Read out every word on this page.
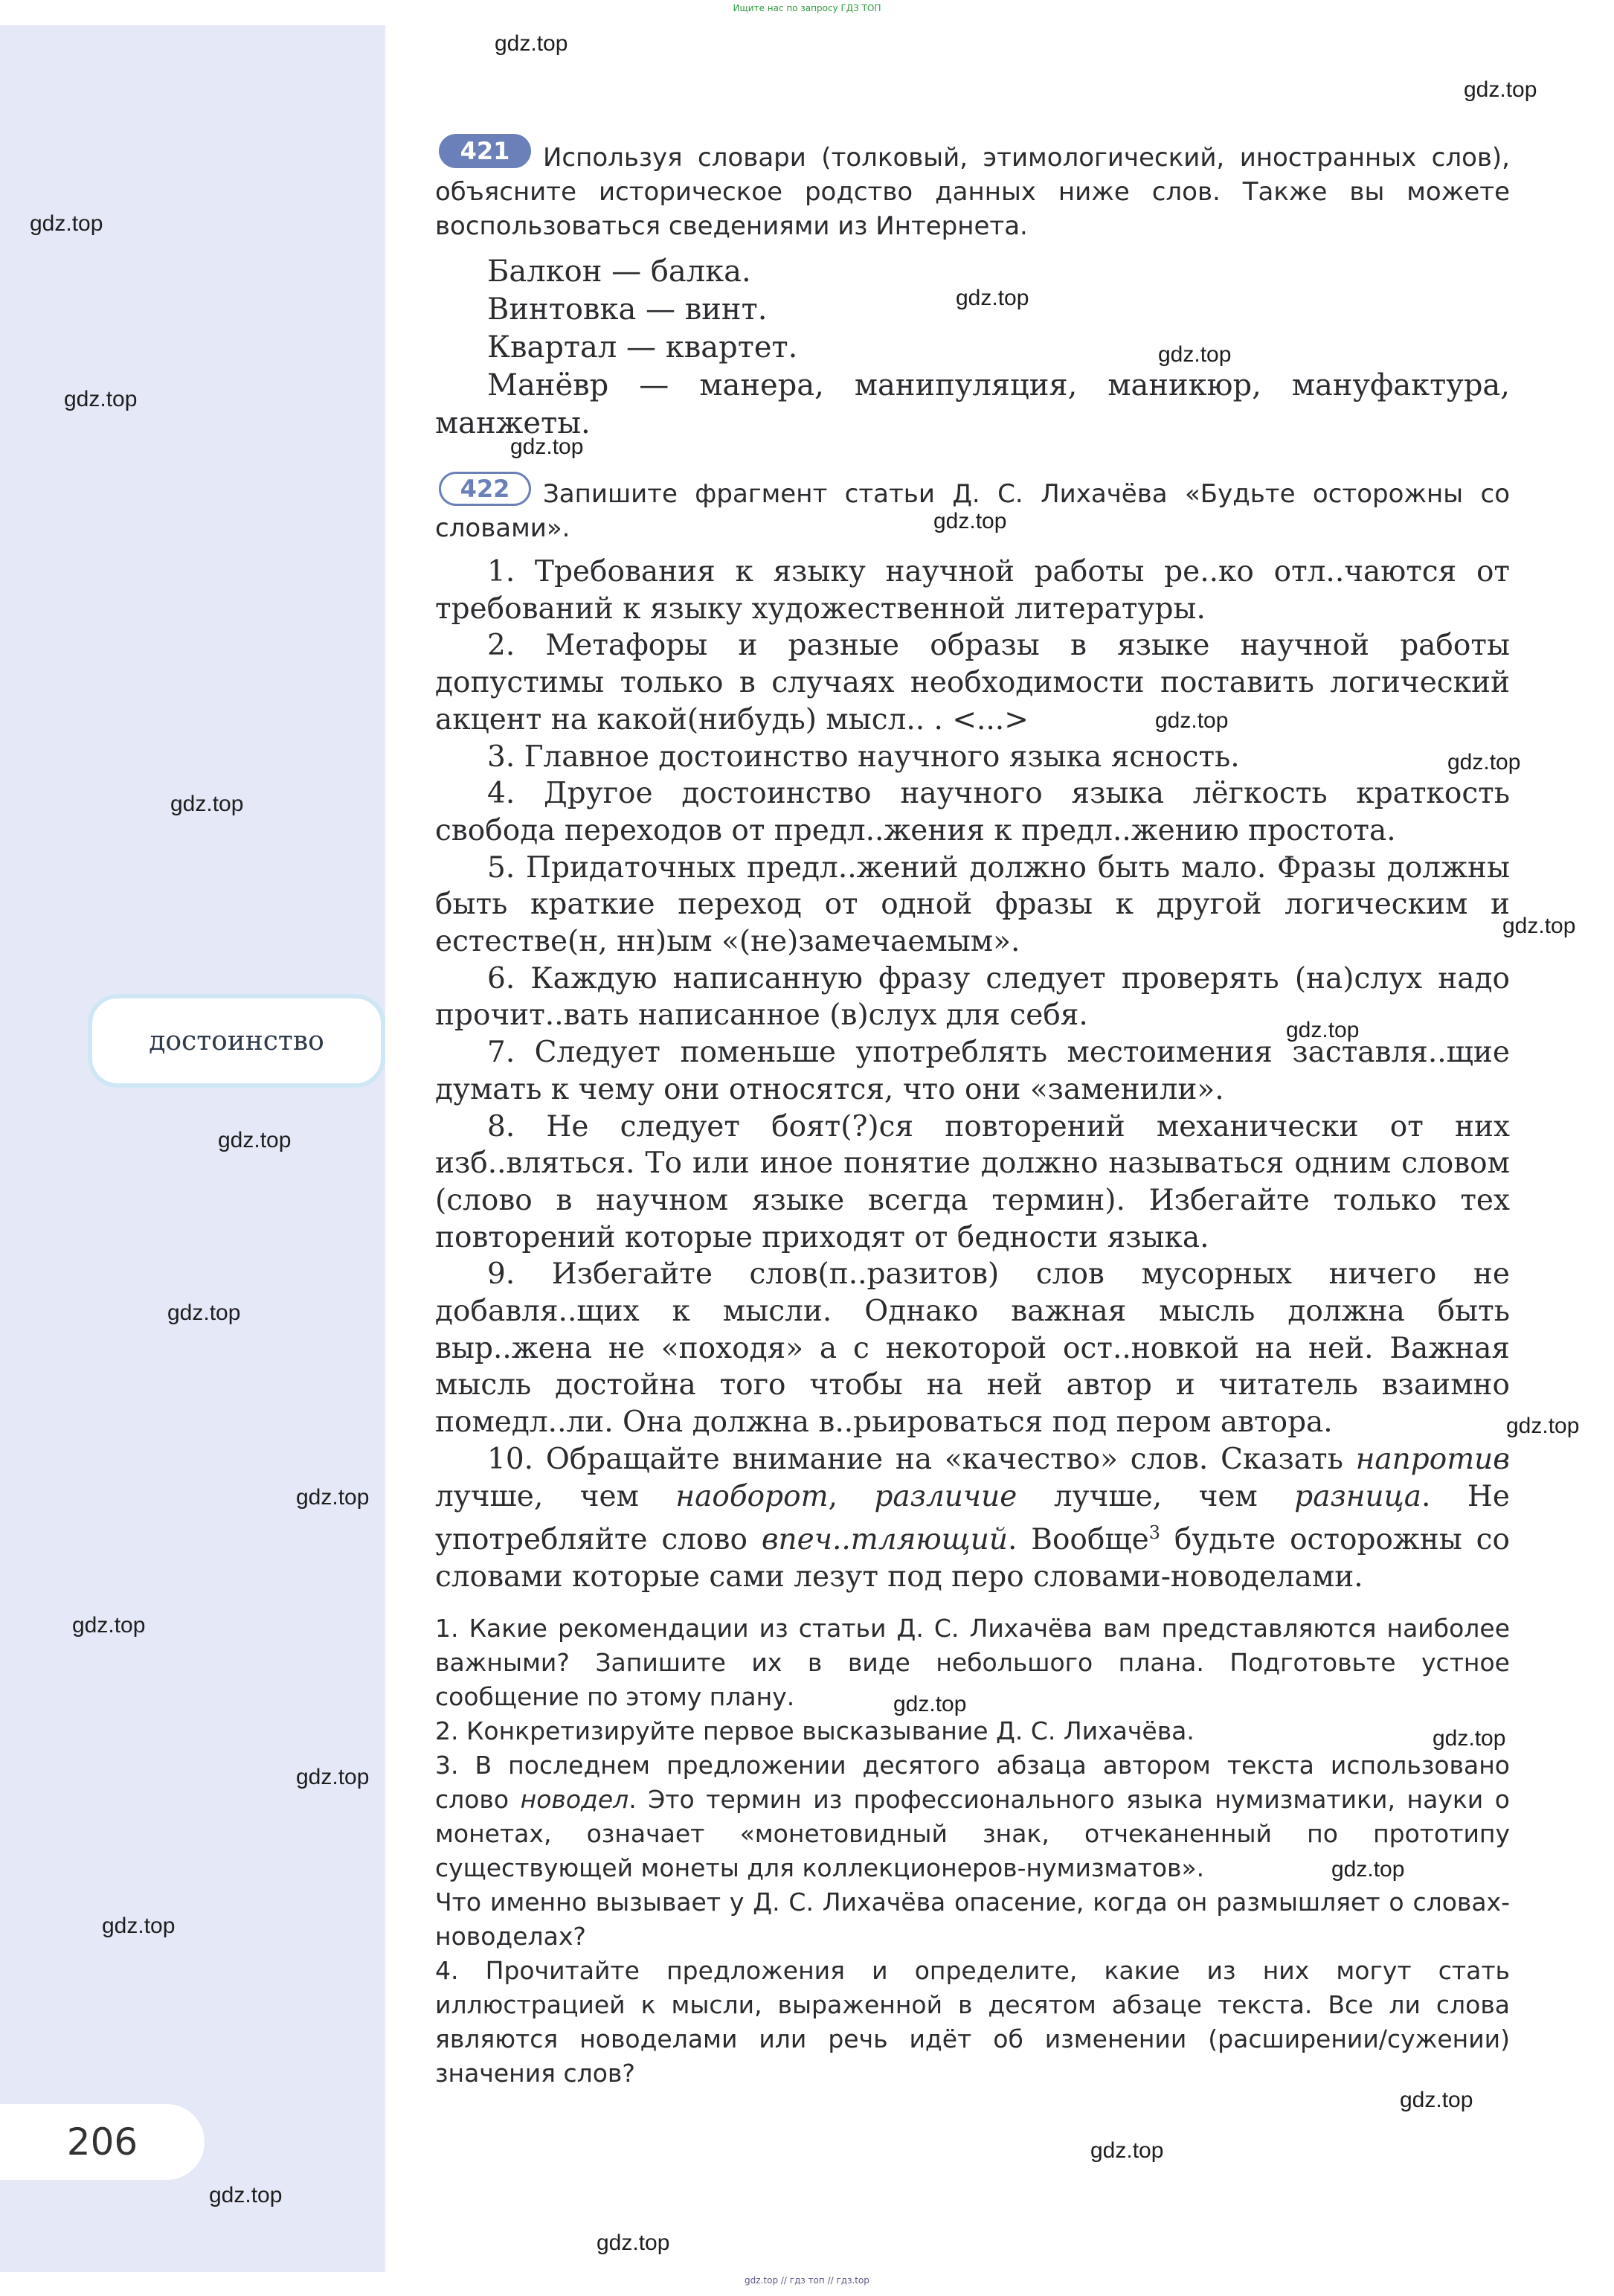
Ищите нас по запросу ГДЗ ТОП
достоинство
206
421	Используя словари (толковый, этимологический, иностранных слов), объясните историческое родство данных ниже слов. Также вы можете воспользоваться сведениями из Интернета.

Балкон — балка.
Винтовка — винт.
Квартал — квартет.
Манёвр — манера, манипуляция, маникюр, мануфактура, манжеты.
422	Запишите фрагмент статьи Д. С. Лихачёва «Будьте осторожны со словами».

1. Требования к языку научной работы ре..ко отл..чаются от требований к языку художественной литературы.
2. Метафоры и разные образы в языке научной работы допустимы только в случаях необходимости поставить логический акцент на какой(нибудь) мысл.. . <...>
3. Главное достоинство научного языка ясность.
4. Другое достоинство научного языка лёгкость краткость свобода переходов от предл..жения к предл..жению простота.
5. Придаточных предл..жений должно быть мало. Фразы должны быть краткие переход от одной фразы к другой логическим и естестве(н, нн)ым «(не)замечаемым».
6. Каждую написанную фразу следует проверять (на)слух надо прочит..вать написанное (в)слух для себя.
7. Следует поменьше употреблять местоимения заставля..щие думать к чему они относятся, что они «заменили».
8. Не следует боят(?)ся повторений механически от них изб..вляться. То или иное понятие должно называться одним словом (слово в научном языке всегда термин). Избегайте только тех повторений которые приходят от бедности языка.
9. Избегайте слов(п..разитов) слов мусорных ничего не добавля..щих к мысли. Однако важная мысль должна быть выр..жена не «походя» а с некоторой ост..новкой на ней. Важная мысль достойна того чтобы на ней автор и читатель взаимно помедл..ли. Она должна в..рьироваться под пером автора.
10. Обращайте внимание на «качество» слов. Сказать напротив лучше, чем наоборот, различие лучше, чем разница. Не употребляйте слово впеч..тляющий. Вообще$^3$ будьте осторожны со словами которые сами лезут под перо словами-новоделами.
1. Какие рекомендации из статьи Д. С. Лихачёва вам представляются наиболее важными? Запишите их в виде небольшого плана. Подготовьте устное сообщение по этому плану.
2. Конкретизируйте первое высказывание Д. С. Лихачёва.
3. В последнем предложении десятого абзаца автором текста использовано слово новодел. Это термин из профессионального языка нумизматики, науки о монетах, означает «монетовидный знак, отчеканенный по прототипу существующей монеты для коллекционеров-нумизматов».
Что именно вызывает у Д. С. Лихачёва опасение, когда он размышляет о словах-новоделах?
4. Прочитайте предложения и определите, какие из них могут стать иллюстрацией к мысли, выраженной в десятом абзаце текста. Все ли слова являются новоделами или речь идёт об изменении (расширении/сужении) значения слов?
gdz.top
gdz.top
gdz.top
gdz.top
gdz.top
gdz.top
gdz.top
gdz.top
gdz.top
gdz.top
gdz.top
gdz.top
gdz.top
gdz.top
gdz.top
gdz.top
gdz.top
gdz.top
gdz.top
gdz.top
gdz.top
gdz.top
gdz.top
gdz.top
gdz.top
gdz.top
gdz.top
gdz.top // гдз топ // гдз.top
